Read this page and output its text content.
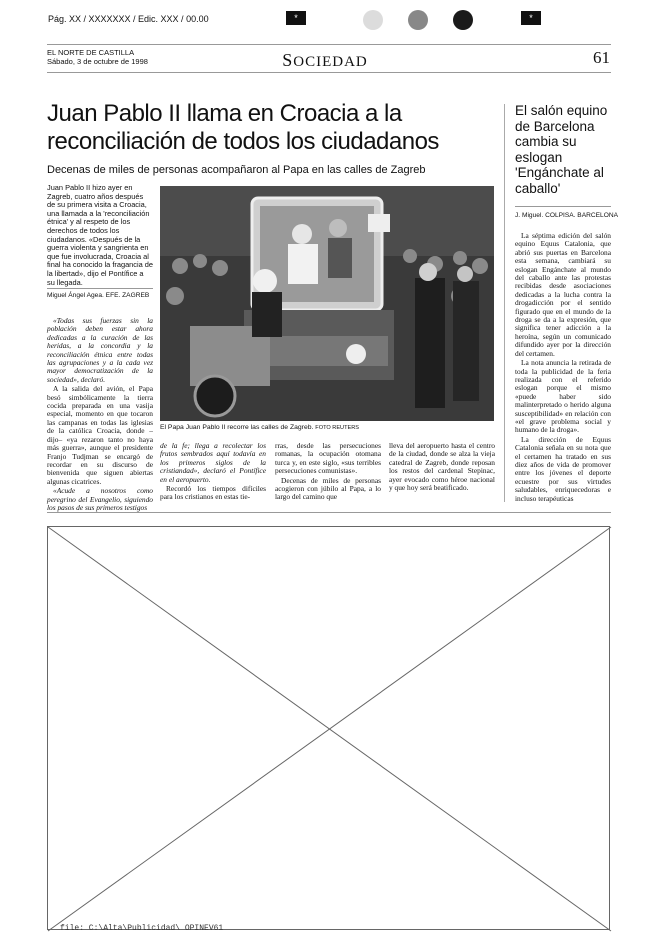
Pág. XX / XXXXXXX / Edic. XXX / 00.00	*	*
EL NORTE DE CASTILLA
Sábado, 3 de octubre de 1998	SOCIEDAD	61
Juan Pablo II llama en Croacia a la reconciliación de todos los ciudadanos
Decenas de miles de personas acompañaron al Papa en las calles de Zagreb
Juan Pablo II hizo ayer en Zagreb, cuatro años después de su primera visita a Croacia, una llamada a la 'reconciliación étnica' y al respeto de los derechos de todos los ciudadanos. «Después de la guerra violenta y sangrienta en que fue involucrada, Croacia al final ha conocido la fragancia de la libertad», dijo el Pontífice a su llegada.
Miguel Ángel Agea. EFE. ZAGREB

«Todas sus fuerzas sin la población deben estar ahora dedicadas a la curación de las heridas, a la concordia y la reconciliación étnica entre todas las agrupaciones y a la cada vez mayor democratización de la sociedad», declaró.

A la salida del avión, el Papa besó simbólicamente la tierra cocida preparada en una vasija especial, momento en que tocaron las campanas en todas las iglesias de la católica Croacia, donde –dijo– «ya rezaron tanto no haya más guerra», aunque el presidente Franjo Tudjman se encargó de recordar en su discurso de bienvenida que siguen abiertas algunas cicatrices.

«Acude a nosotros como peregrino del Evangelio, siguiendo los pasos de sus primeros testigos

El Papa Juan Pablo II recorre las calles de Zagreb. FOTO REUTERS

de la fe; llega a recolectar los frutos sembrados aquí todavía en los primeros siglos de la cristiandad», declaró el Pontífice en el aeropuerto.

Recordó los tiempos difíciles para los cristianos en estas tie-

rras, desde las persecuciones romanas, la ocupación otomana turca y, en este siglo, «sus terribles persecuciones comunistas».

Decenas de miles de personas acogieron con júbilo al Papa, a lo largo del camino que

lleva del aeropuerto hasta el centro de la ciudad, donde se alza la vieja catedral de Zagreb, donde reposan los restos del cardenal Stepinac, ayer evocado como héroe nacional y que hoy será beatificado.

El salón equino de Barcelona cambia su eslogan 'Engánchate al caballo'
J. Miguel. COLPISA. BARCELONA

La séptima edición del salón equino Equus Catalonia, que abrió sus puertas en Barcelona esta semana, cambiará su eslogan Engánchate al mundo del caballo ante las protestas recibidas desde asociaciones dedicadas a la lucha contra la drogadicción por el sentido figurado que en el mundo de la droga se da a la expresión, que significa tener adicción a la heroína, según un comunicado difundido ayer por la dirección del certamen.

La nota anuncia la retirada de toda la publicidad de la feria realizada con el referido eslogan porque el mismo «puede haber sido malinterpretado o herido alguna susceptibilidad» en relación con «el grave problema social y humano de la droga».

La dirección de Equus Catalonia señala en su nota que el certamen ha tratado en sus diez años de vida de promover entre los jóvenes el deporte ecuestre por sus virtudes saludables, enriquecedoras e incluso terapéuticas

file: C:\Alta\Publicidad\ OPINEV61
